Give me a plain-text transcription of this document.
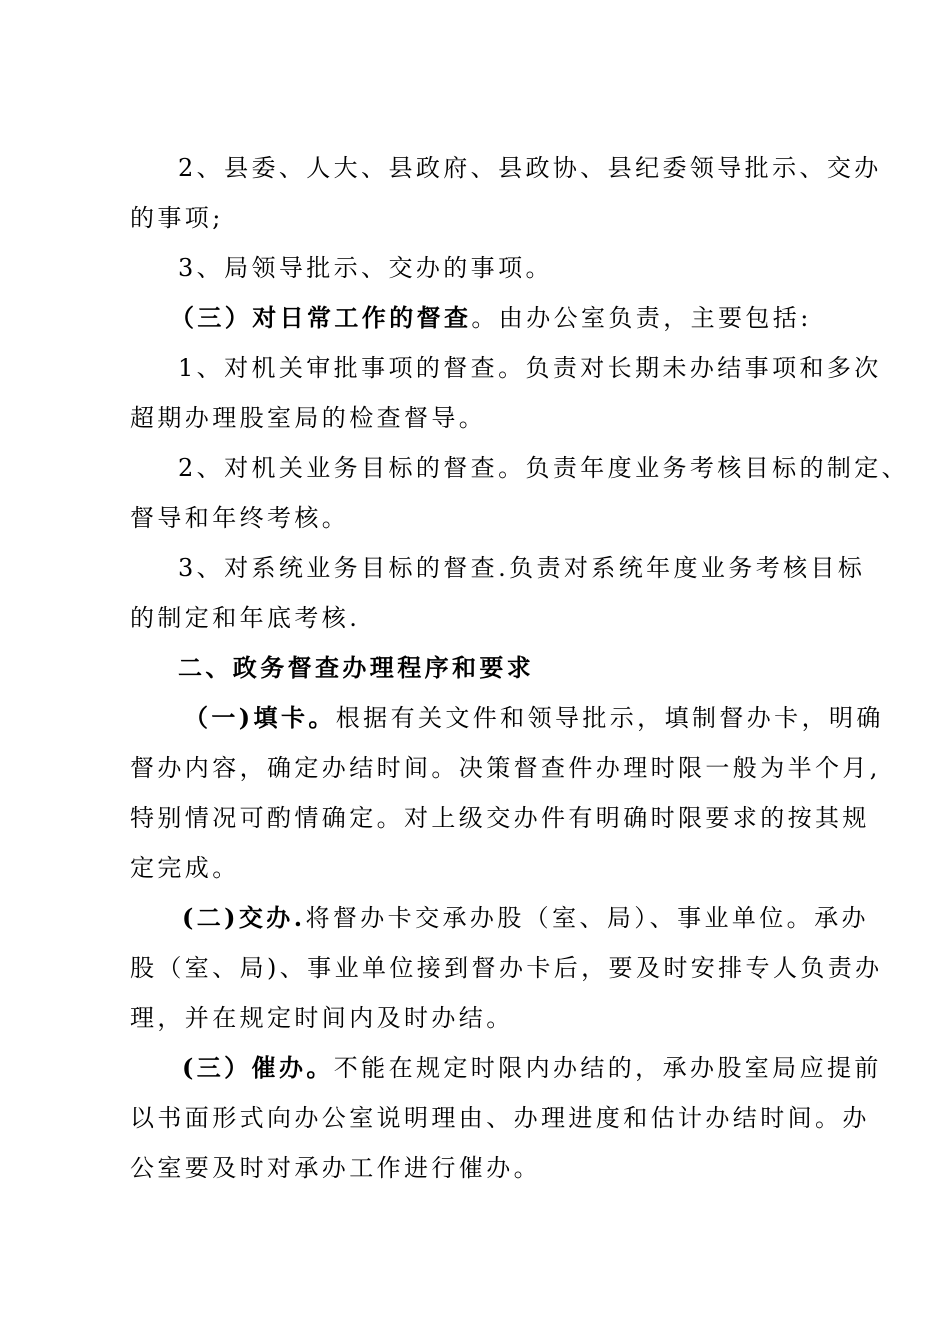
2、县委、人大、县政府、县政协、县纪委领导批示、交办
的事项;
3、局领导批示、交办的事项。
（三）对日常工作的督查。由办公室负责，主要包括:
1、对机关审批事项的督查。负责对长期未办结事项和多次
超期办理股室局的检查督导。
2、对机关业务目标的督查。负责年度业务考核目标的制定、
督导和年终考核。
3、对系统业务目标的督查.负责对系统年度业务考核目标
的制定和年底考核.
二、政务督查办理程序和要求
（一)填卡。根据有关文件和领导批示，填制督办卡，明确
督办内容，确定办结时间。决策督查件办理时限一般为半个月,
特别情况可酌情确定。对上级交办件有明确时限要求的按其规
定完成。
(二)交办.将督办卡交承办股（室、局）、事业单位。承办
股（室、局)、事业单位接到督办卡后，要及时安排专人负责办
理，并在规定时间内及时办结。
(三）催办。不能在规定时限内办结的，承办股室局应提前
以书面形式向办公室说明理由、办理进度和估计办结时间。办
公室要及时对承办工作进行催办。
